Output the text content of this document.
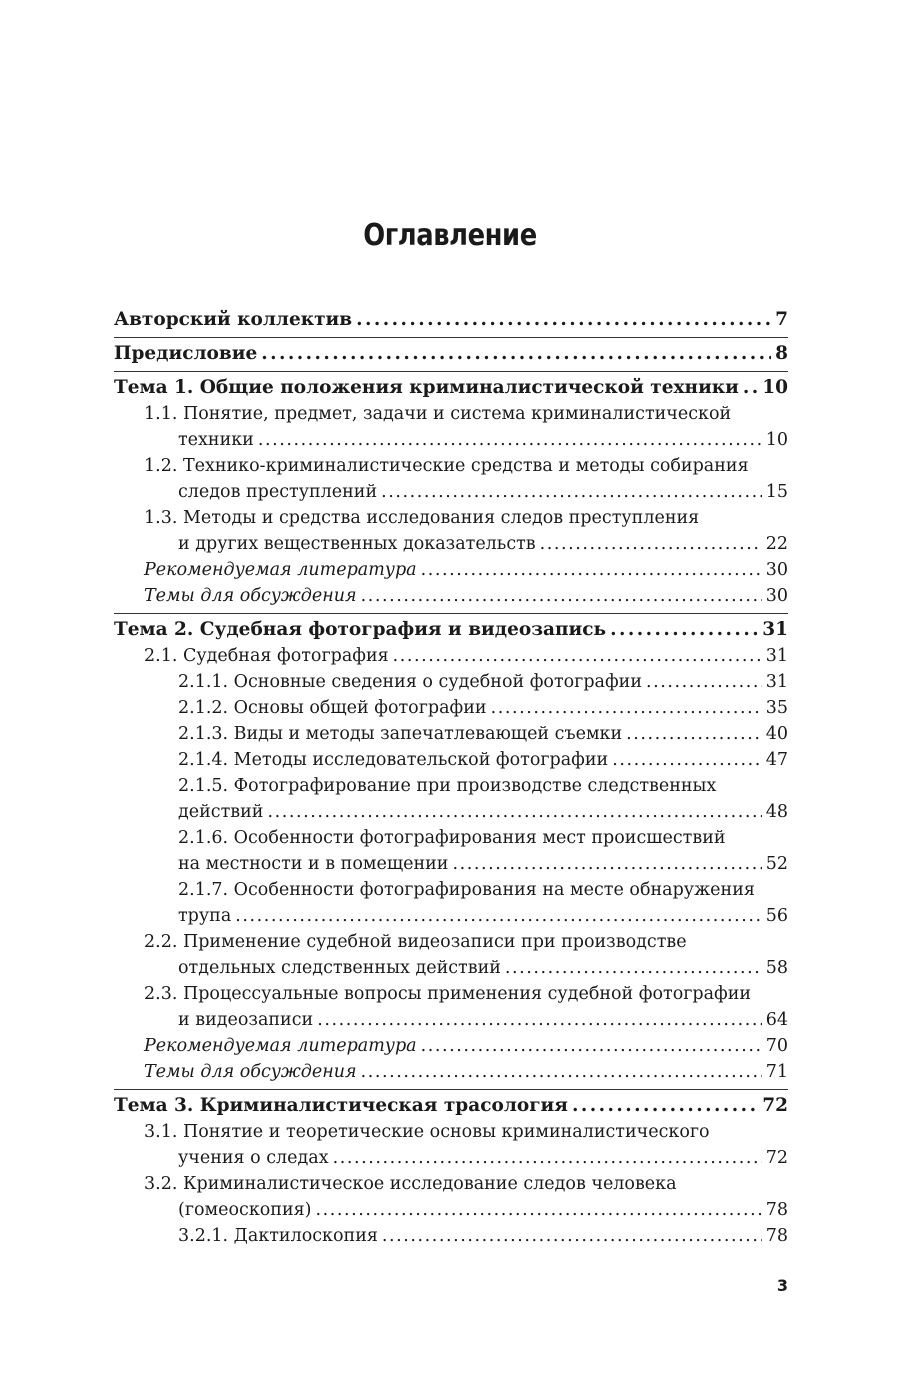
Оглавление
Авторский коллектив . . .	7
Предисловие . . .	8
Тема 1. Общие положения криминалистической техники . . . 10
1.1. Понятие, предмет, задачи и система криминалистической
техники . . .	10
1.2. Технико-криминалистические средства и методы собирания
следов преступлений . . .	15
1.3. Методы и средства исследования следов преступления
и других вещественных доказательств . . .	22
Рекомендуемая литература . . .	30
Темы для обсуждения . . .	30
Тема 2. Судебная фотография и видеозапись . . .	31
2.1. Судебная фотография . . .	31
2.1.1. Основные сведения о судебной фотографии . . .	31
2.1.2. Основы общей фотографии . . .	35
2.1.3. Виды и методы запечатлевающей съемки . . .	40
2.1.4. Методы исследовательской фотографии . . .	47
2.1.5. Фотографирование при производстве следственных
действий . . .	48
2.1.6. Особенности фотографирования мест происшествий
на местности и в помещении . . .	52
2.1.7. Особенности фотографирования на месте обнаружения
трупа . . .	56
2.2. Применение судебной видеозаписи при производстве
отдельных следственных действий . . .	58
2.3. Процессуальные вопросы применения судебной фотографии
и видеозаписи . . .	64
Рекомендуемая литература . . .	70
Темы для обсуждения . . .	71
Тема 3. Криминалистическая трасология . . .	72
3.1. Понятие и теоретические основы криминалистического
учения о следах . . .	72
3.2. Криминалистическое исследование следов человека
(гомеоскопия) . . .	78
3.2.1. Дактилоскопия . . .	78
3
